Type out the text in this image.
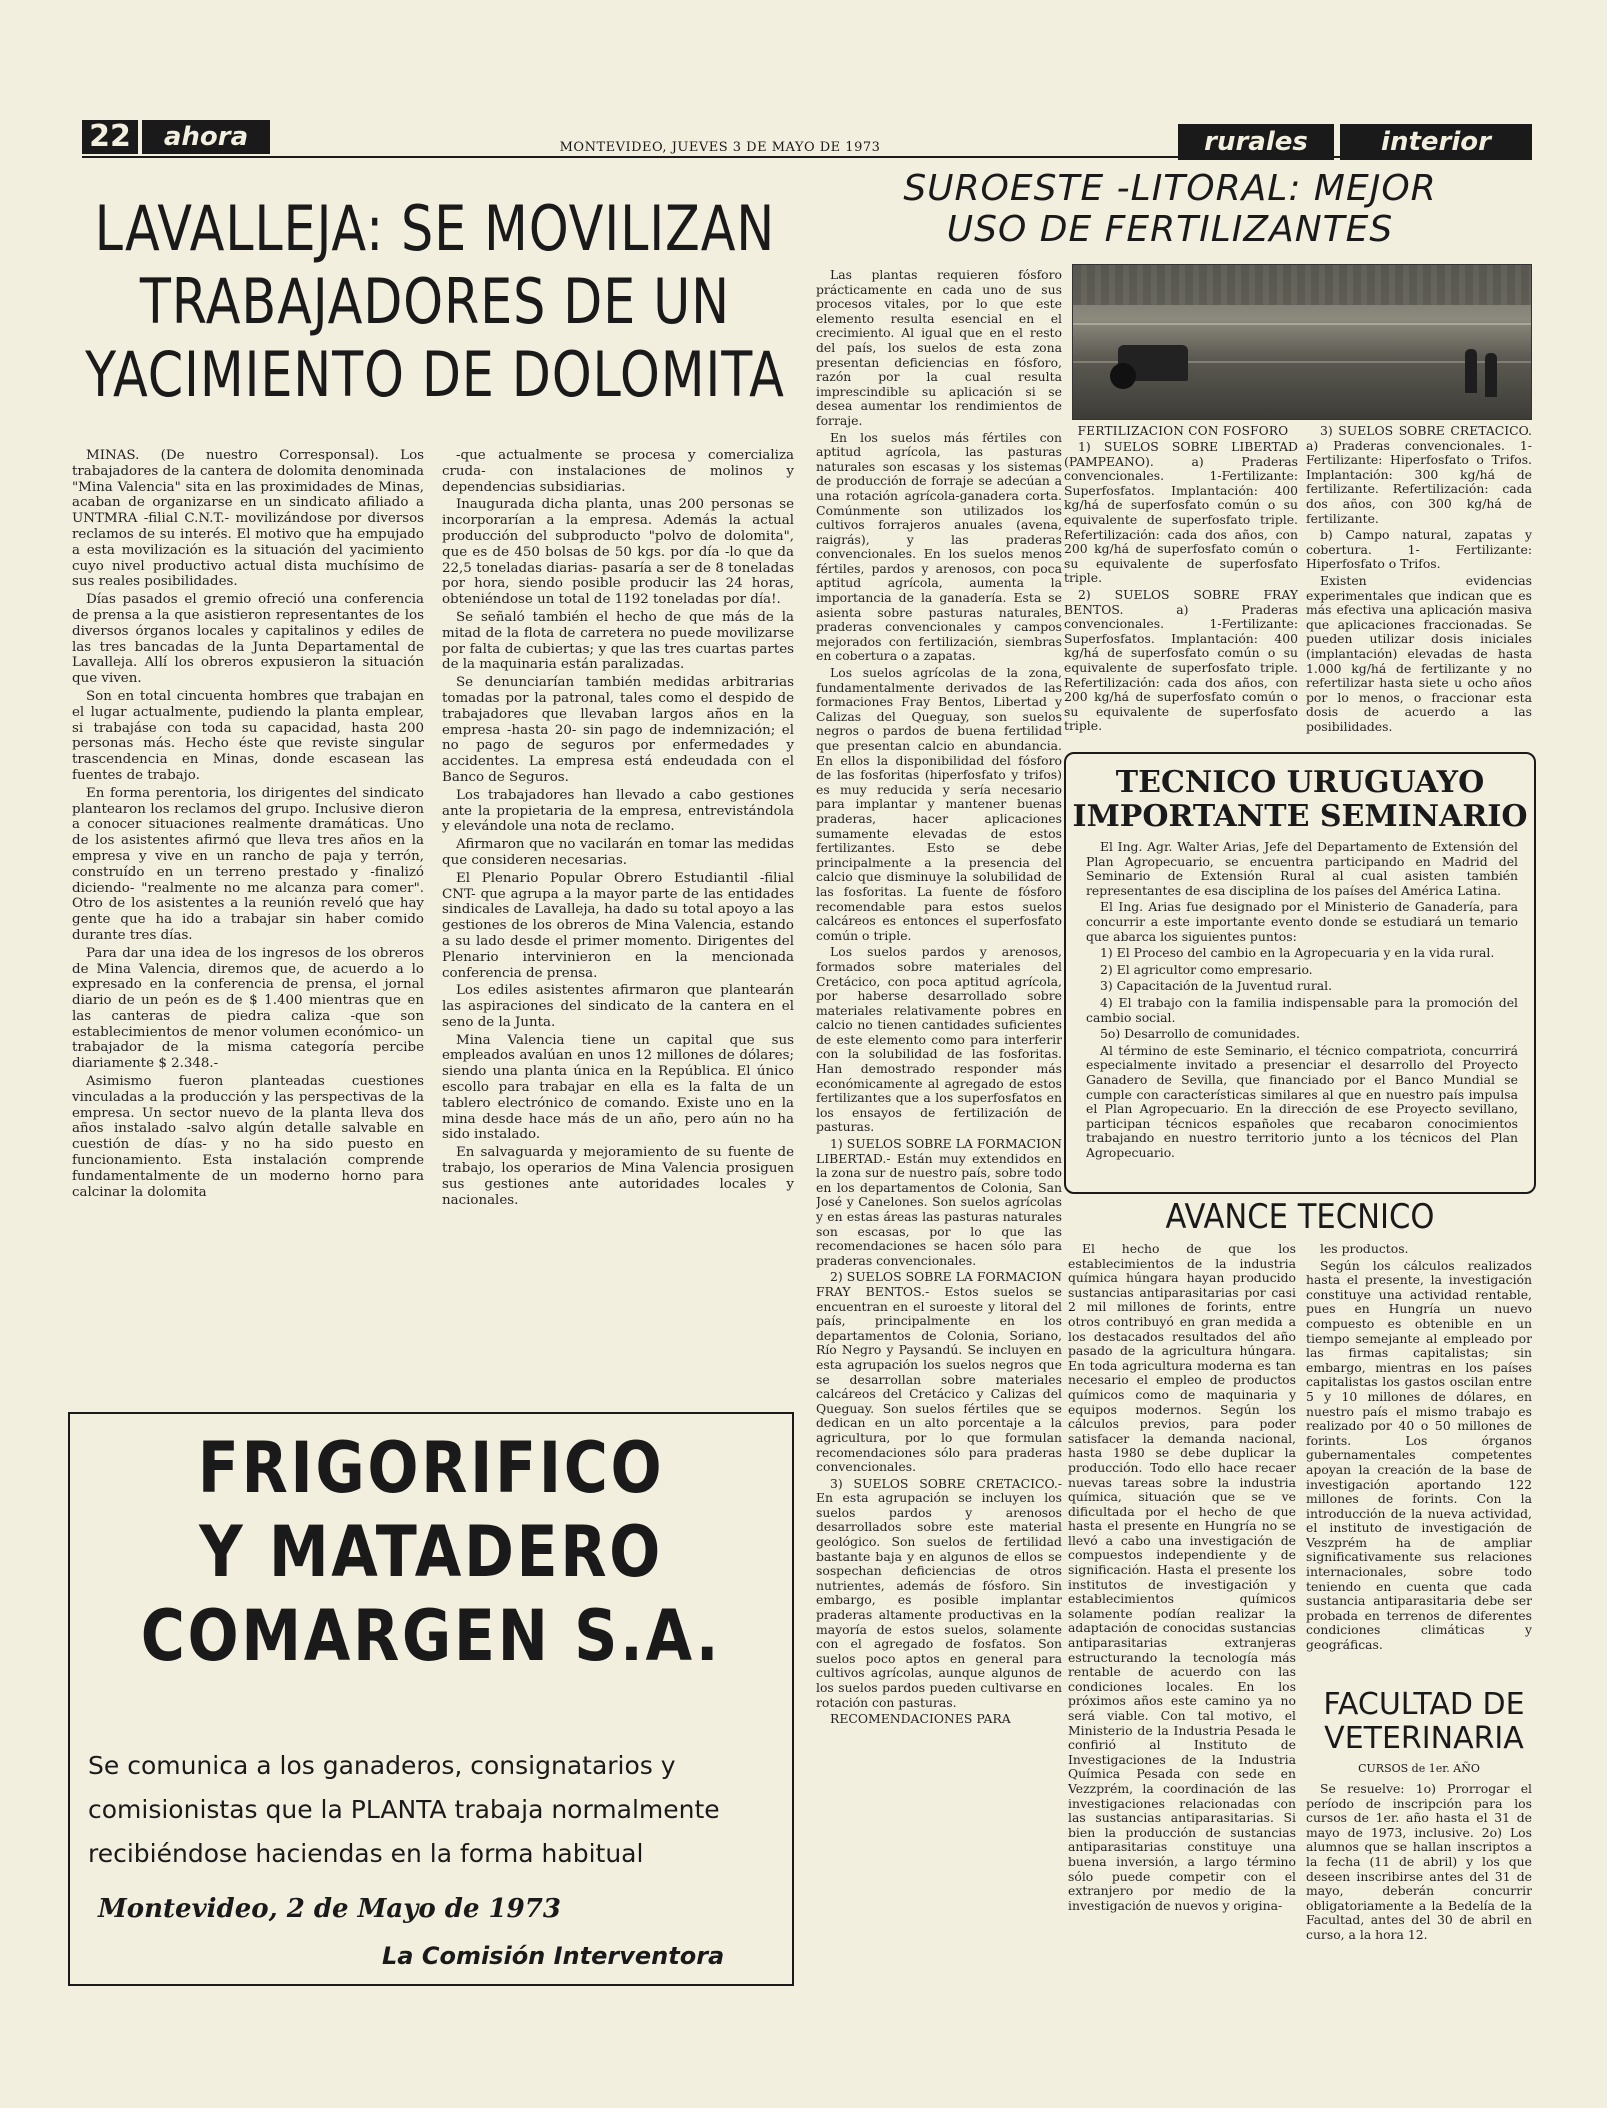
22	ahora	MONTEVIDEO, JUEVES 3 DE MAYO DE 1973	rurales	interior
LAVALLEJA: SE MOVILIZAN
TRABAJADORES DE UN
YACIMIENTO DE DOLOMITA

MINAS. (De nuestro Corresponsal). Los trabajadores de la cantera de dolomita denominada "Mina Valencia" sita en las proximidades de Minas, acaban de organizarse en un sindicato afiliado a UNTMRA -filial C.N.T.- movilizándose por diversos reclamos de su interés. El motivo que ha empujado a esta movilización es la situación del yacimiento cuyo nivel productivo actual dista muchísimo de sus reales posibilidades.

Días pasados el gremio ofreció una conferencia de prensa a la que asistieron representantes de los diversos órganos locales y capitalinos y ediles de las tres bancadas de la Junta Departamental de Lavalleja. Allí los obreros expusieron la situación que viven.

Son en total cincuenta hombres que trabajan en el lugar actualmente, pudiendo la planta emplear, si trabajáse con toda su capacidad, hasta 200 personas más. Hecho éste que reviste singular trascendencia en Minas, donde escasean las fuentes de trabajo.

En forma perentoria, los dirigentes del sindicato plantearon los reclamos del grupo. Inclusive dieron a conocer situaciones realmente dramáticas. Uno de los asistentes afirmó que lleva tres años en la empresa y vive en un rancho de paja y terrón, construído en un terreno prestado y -finalizó diciendo- "realmente no me alcanza para comer". Otro de los asistentes a la reunión reveló que hay gente que ha ido a trabajar sin haber comido durante tres días.

Para dar una idea de los ingresos de los obreros de Mina Valencia, diremos que, de acuerdo a lo expresado en la conferencia de prensa, el jornal diario de un peón es de $ 1.400 mientras que en las canteras de piedra caliza -que son establecimientos de menor volumen económico- un trabajador de la misma categoría percibe diariamente $ 2.348.-

Asimismo fueron planteadas cuestiones vinculadas a la producción y las perspectivas de la empresa. Un sector nuevo de la planta lleva dos años instalado -salvo algún detalle salvable en cuestión de días- y no ha sido puesto en funcionamiento. Esta instalación comprende fundamentalmente de un moderno horno para calcinar la dolomita

-que actualmente se procesa y comercializa cruda- con instalaciones de molinos y dependencias subsidiarias.

Inaugurada dicha planta, unas 200 personas se incorporarían a la empresa. Además la actual producción del subproducto "polvo de dolomita", que es de 450 bolsas de 50 kgs. por día -lo que da 22,5 toneladas diarias- pasaría a ser de 8 toneladas por hora, siendo posible producir las 24 horas, obteniéndose un total de 1192 toneladas por día!.

Se señaló también el hecho de que más de la mitad de la flota de carretera no puede movilizarse por falta de cubiertas; y que las tres cuartas partes de la maquinaria están paralizadas.

Se denunciarían también medidas arbitrarias tomadas por la patronal, tales como el despido de trabajadores que llevaban largos años en la empresa -hasta 20- sin pago de indemnización; el no pago de seguros por enfermedades y accidentes. La empresa está endeudada con el Banco de Seguros.

Los trabajadores han llevado a cabo gestiones ante la propietaria de la empresa, entrevistándola y elevándole una nota de reclamo.

Afirmaron que no vacilarán en tomar las medidas que consideren necesarias.

El Plenario Popular Obrero Estudiantil -filial CNT- que agrupa a la mayor parte de las entidades sindicales de Lavalleja, ha dado su total apoyo a las gestiones de los obreros de Mina Valencia, estando a su lado desde el primer momento. Dirigentes del Plenario intervinieron en la mencionada conferencia de prensa.

Los ediles asistentes afirmaron que plantearán las aspiraciones del sindicato de la cantera en el seno de la Junta.

Mina Valencia tiene un capital que sus empleados avalúan en unos 12 millones de dólares; siendo una planta única en la República. El único escollo para trabajar en ella es la falta de un tablero electrónico de comando. Existe uno en la mina desde hace más de un año, pero aún no ha sido instalado.

En salvaguarda y mejoramiento de su fuente de trabajo, los operarios de Mina Valencia prosiguen sus gestiones ante autoridades locales y nacionales.

FRIGORIFICO
Y MATADERO
COMARGEN S.A.
Se comunica a los ganaderos, consignatarios y
comisionistas que la PLANTA trabaja normalmente
recibiéndose haciendas en la forma habitual
Montevideo, 2 de Mayo de 1973
La Comisión Interventora
SUROESTE -LITORAL: MEJOR
USO DE FERTILIZANTES

Las plantas requieren fósforo prácticamente en cada uno de sus procesos vitales, por lo que este elemento resulta esencial en el crecimiento. Al igual que en el resto del país, los suelos de esta zona presentan deficiencias en fósforo, razón por la cual resulta imprescindible su aplicación si se desea aumentar los rendimientos de forraje.

En los suelos más fértiles con aptitud agrícola, las pasturas naturales son escasas y los sistemas de producción de forraje se adecúan a una rotación agrícola-ganadera corta. Comúnmente son utilizados los cultivos forrajeros anuales (avena, raigrás), y las praderas convencionales. En los suelos menos fértiles, pardos y arenosos, con poca aptitud agrícola, aumenta la importancia de la ganadería. Esta se asienta sobre pasturas naturales, praderas convencionales y campos mejorados con fertilización, siembras en cobertura o a zapatas.

Los suelos agrícolas de la zona, fundamentalmente derivados de las formaciones Fray Bentos, Libertad y Calizas del Queguay, son suelos negros o pardos de buena fertilidad que presentan calcio en abundancia. En ellos la disponibilidad del fósforo de las fosforitas (hiperfosfato y trifos) es muy reducida y sería necesario para implantar y mantener buenas praderas, hacer aplicaciones sumamente elevadas de estos fertilizantes. Esto se debe principalmente a la presencia del calcio que disminuye la solubilidad de las fosforitas. La fuente de fósforo recomendable para estos suelos calcáreos es entonces el superfosfato común o triple.

Los suelos pardos y arenosos, formados sobre materiales del Cretácico, con poca aptitud agrícola, por haberse desarrollado sobre materiales relativamente pobres en calcio no tienen cantidades suficientes de este elemento como para interferir con la solubilidad de las fosforitas. Han demostrado responder más económicamente al agregado de estos fertilizantes que a los superfosfatos en los ensayos de fertilización de pasturas.

1) SUELOS SOBRE LA FORMACION LIBERTAD.- Están muy extendidos en la zona sur de nuestro país, sobre todo en los departamentos de Colonia, San José y Canelones. Son suelos agrícolas y en estas áreas las pasturas naturales son escasas, por lo que las recomendaciones se hacen sólo para praderas convencionales.

2) SUELOS SOBRE LA FORMACION FRAY BENTOS.- Estos suelos se encuentran en el suroeste y litoral del país, principalmente en los departamentos de Colonia, Soriano, Río Negro y Paysandú. Se incluyen en esta agrupación los suelos negros que se desarrollan sobre materiales calcáreos del Cretácico y Calizas del Queguay. Son suelos fértiles que se dedican en un alto porcentaje a la agricultura, por lo que formulan recomendaciones sólo para praderas convencionales.

3) SUELOS SOBRE CRETACICO.- En esta agrupación se incluyen los suelos pardos y arenosos desarrollados sobre este material geológico. Son suelos de fertilidad bastante baja y en algunos de ellos se sospechan deficiencias de otros nutrientes, además de fósforo. Sin embargo, es posible implantar praderas altamente productivas en la mayoría de estos suelos, solamente con el agregado de fosfatos. Son suelos poco aptos en general para cultivos agrícolas, aunque algunos de los suelos pardos pueden cultivarse en rotación con pasturas.

RECOMENDACIONES PARA

FERTILIZACION CON FOSFORO

1) SUELOS SOBRE LIBERTAD (PAMPEANO). a) Praderas convencionales. 1-Fertilizante: Superfosfatos. Implantación: 400 kg/há de superfosfato común o su equivalente de superfosfato triple. Refertilización: cada dos años, con 200 kg/há de superfosfato común o su equivalente de superfosfato triple.

2) SUELOS SOBRE FRAY BENTOS. a) Praderas convencionales. 1-Fertilizante: Superfosfatos. Implantación: 400 kg/há de superfosfato común o su equivalente de superfosfato triple. Refertilización: cada dos años, con 200 kg/há de superfosfato común o su equivalente de superfosfato triple.

3) SUELOS SOBRE CRETACICO. a) Praderas convencionales. 1- Fertilizante: Hiperfosfato o Trifos. Implantación: 300 kg/há de fertilizante. Refertilización: cada dos años, con 300 kg/há de fertilizante.

b) Campo natural, zapatas y cobertura. 1- Fertilizante: Hiperfosfato o Trifos.

Existen evidencias experimentales que indican que es más efectiva una aplicación masiva que aplicaciones fraccionadas. Se pueden utilizar dosis iniciales (implantación) elevadas de hasta 1.000 kg/há de fertilizante y no refertilizar hasta siete u ocho años por lo menos, o fraccionar esta dosis de acuerdo a las posibilidades.

TECNICO URUGUAYO
IMPORTANTE SEMINARIO

El Ing. Agr. Walter Arias, Jefe del Departamento de Extensión del Plan Agropecuario, se encuentra participando en Madrid del Seminario de Extensión Rural al cual asisten también representantes de esa disciplina de los países del América Latina.

El Ing. Arias fue designado por el Ministerio de Ganadería, para concurrir a este importante evento donde se estudiará un temario que abarca los siguientes puntos:

1) El Proceso del cambio en la Agropecuaria y en la vida rural.

2) El agricultor como empresario.

3) Capacitación de la Juventud rural.

4) El trabajo con la familia indispensable para la promoción del cambio social.

5o) Desarrollo de comunidades.

Al término de este Seminario, el técnico compatriota, concurrirá especialmente invitado a presenciar el desarrollo del Proyecto Ganadero de Sevilla, que financiado por el Banco Mundial se cumple con características similares al que en nuestro país impulsa el Plan Agropecuario. En la dirección de ese Proyecto sevillano, participan técnicos españoles que recabaron conocimientos trabajando en nuestro territorio junto a los técnicos del Plan Agropecuario.

AVANCE TECNICO

El hecho de que los establecimientos de la industria química húngara hayan producido sustancias antiparasitarias por casi 2 mil millones de forints, entre otros contribuyó en gran medida a los destacados resultados del año pasado de la agricultura húngara. En toda agricultura moderna es tan necesario el empleo de productos químicos como de maquinaria y equipos modernos. Según los cálculos previos, para poder satisfacer la demanda nacional, hasta 1980 se debe duplicar la producción. Todo ello hace recaer nuevas tareas sobre la industria química, situación que se ve dificultada por el hecho de que hasta el presente en Hungría no se llevó a cabo una investigación de compuestos independiente y de significación. Hasta el presente los institutos de investigación y establecimientos químicos solamente podían realizar la adaptación de conocidas sustancias antiparasitarias extranjeras estructurando la tecnología más rentable de acuerdo con las condiciones locales. En los próximos años este camino ya no será viable. Con tal motivo, el Ministerio de la Industria Pesada le confirió al Instituto de Investigaciones de la Industria Química Pesada con sede en Vezzprém, la coordinación de las investigaciones relacionadas con las sustancias antiparasitarias. Si bien la producción de sustancias antiparasitarias constituye una buena inversión, a largo término sólo puede competir con el extranjero por medio de la investigación de nuevos y origina-

les productos.

Según los cálculos realizados hasta el presente, la investigación constituye una actividad rentable, pues en Hungría un nuevo compuesto es obtenible en un tiempo semejante al empleado por las firmas capitalistas; sin embargo, mientras en los países capitalistas los gastos oscilan entre 5 y 10 millones de dólares, en nuestro país el mismo trabajo es realizado por 40 o 50 millones de forints. Los órganos gubernamentales competentes apoyan la creación de la base de investigación aportando 122 millones de forints. Con la introducción de la nueva actividad, el instituto de investigación de Veszprém ha de ampliar significativamente sus relaciones internacionales, sobre todo teniendo en cuenta que cada sustancia antiparasitaria debe ser probada en terrenos de diferentes condiciones climáticas y geográficas.

FACULTAD DE
VETERINARIA
CURSOS de 1er. AÑO

Se resuelve: 1o) Prorrogar el período de inscripción para los cursos de 1er. año hasta el 31 de mayo de 1973, inclusive. 2o) Los alumnos que se hallan inscriptos a la fecha (11 de abril) y los que deseen inscribirse antes del 31 de mayo, deberán concurrir obligatoriamente a la Bedelía de la Facultad, antes del 30 de abril en curso, a la hora 12.
